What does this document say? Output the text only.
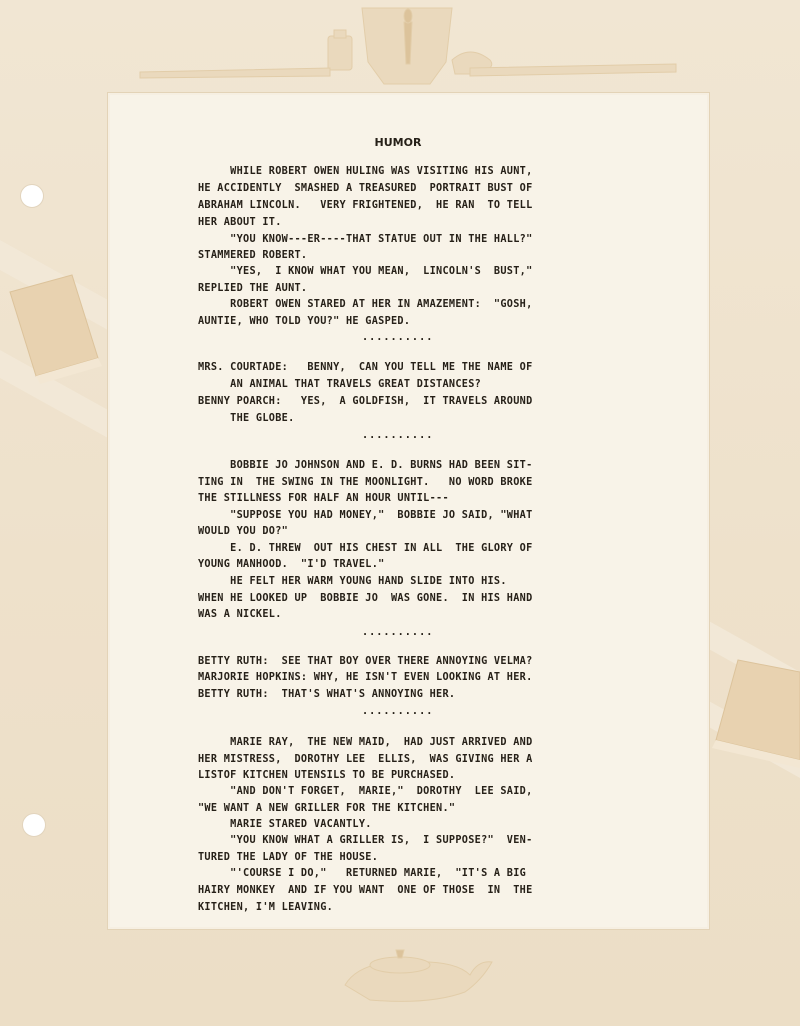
HUMOR
WHILE ROBERT OWEN HULING WAS VISITING HIS AUNT,
HE ACCIDENTLY  SMASHED A TREASURED  PORTRAIT BUST OF
ABRAHAM LINCOLN.   VERY FRIGHTENED,  HE RAN  TO TELL
HER ABOUT IT.
"YOU KNOW---ER----THAT STATUE OUT IN THE HALL?"
STAMMERED ROBERT.
"YES,  I KNOW WHAT YOU MEAN,  LINCOLN'S  BUST,"
REPLIED THE AUNT.
ROBERT OWEN STARED AT HER IN AMAZEMENT:  "GOSH,
AUNTIE, WHO TOLD YOU?" HE GASPED.
..........
MRS. COURTADE:   BENNY,  CAN YOU TELL ME THE NAME OF
AN ANIMAL THAT TRAVELS GREAT DISTANCES?
BENNY POARCH:   YES,  A GOLDFISH,  IT TRAVELS AROUND
THE GLOBE.
..........
BOBBIE JO JOHNSON AND E. D. BURNS HAD BEEN SIT-
TING IN  THE SWING IN THE MOONLIGHT.   NO WORD BROKE
THE STILLNESS FOR HALF AN HOUR UNTIL---
"SUPPOSE YOU HAD MONEY,"  BOBBIE JO SAID, "WHAT
WOULD YOU DO?"
E. D. THREW  OUT HIS CHEST IN ALL  THE GLORY OF
YOUNG MANHOOD.  "I'D TRAVEL."
HE FELT HER WARM YOUNG HAND SLIDE INTO HIS.
WHEN HE LOOKED UP  BOBBIE JO  WAS GONE.  IN HIS HAND
WAS A NICKEL.
..........
BETTY RUTH:  SEE THAT BOY OVER THERE ANNOYING VELMA?
MARJORIE HOPKINS: WHY, HE ISN'T EVEN LOOKING AT HER.
BETTY RUTH:  THAT'S WHAT'S ANNOYING HER.
..........
MARIE RAY,  THE NEW MAID,  HAD JUST ARRIVED AND
HER MISTRESS,  DOROTHY LEE  ELLIS,  WAS GIVING HER A
LISTOF KITCHEN UTENSILS TO BE PURCHASED.
"AND DON'T FORGET,  MARIE,"  DOROTHY  LEE SAID,
"WE WANT A NEW GRILLER FOR THE KITCHEN."
MARIE STARED VACANTLY.
"YOU KNOW WHAT A GRILLER IS,  I SUPPOSE?"  VEN-
TURED THE LADY OF THE HOUSE.
"'COURSE I DO,"   RETURNED MARIE,  "IT'S A BIG
HAIRY MONKEY  AND IF YOU WANT  ONE OF THOSE  IN  THE
KITCHEN, I'M LEAVING.
